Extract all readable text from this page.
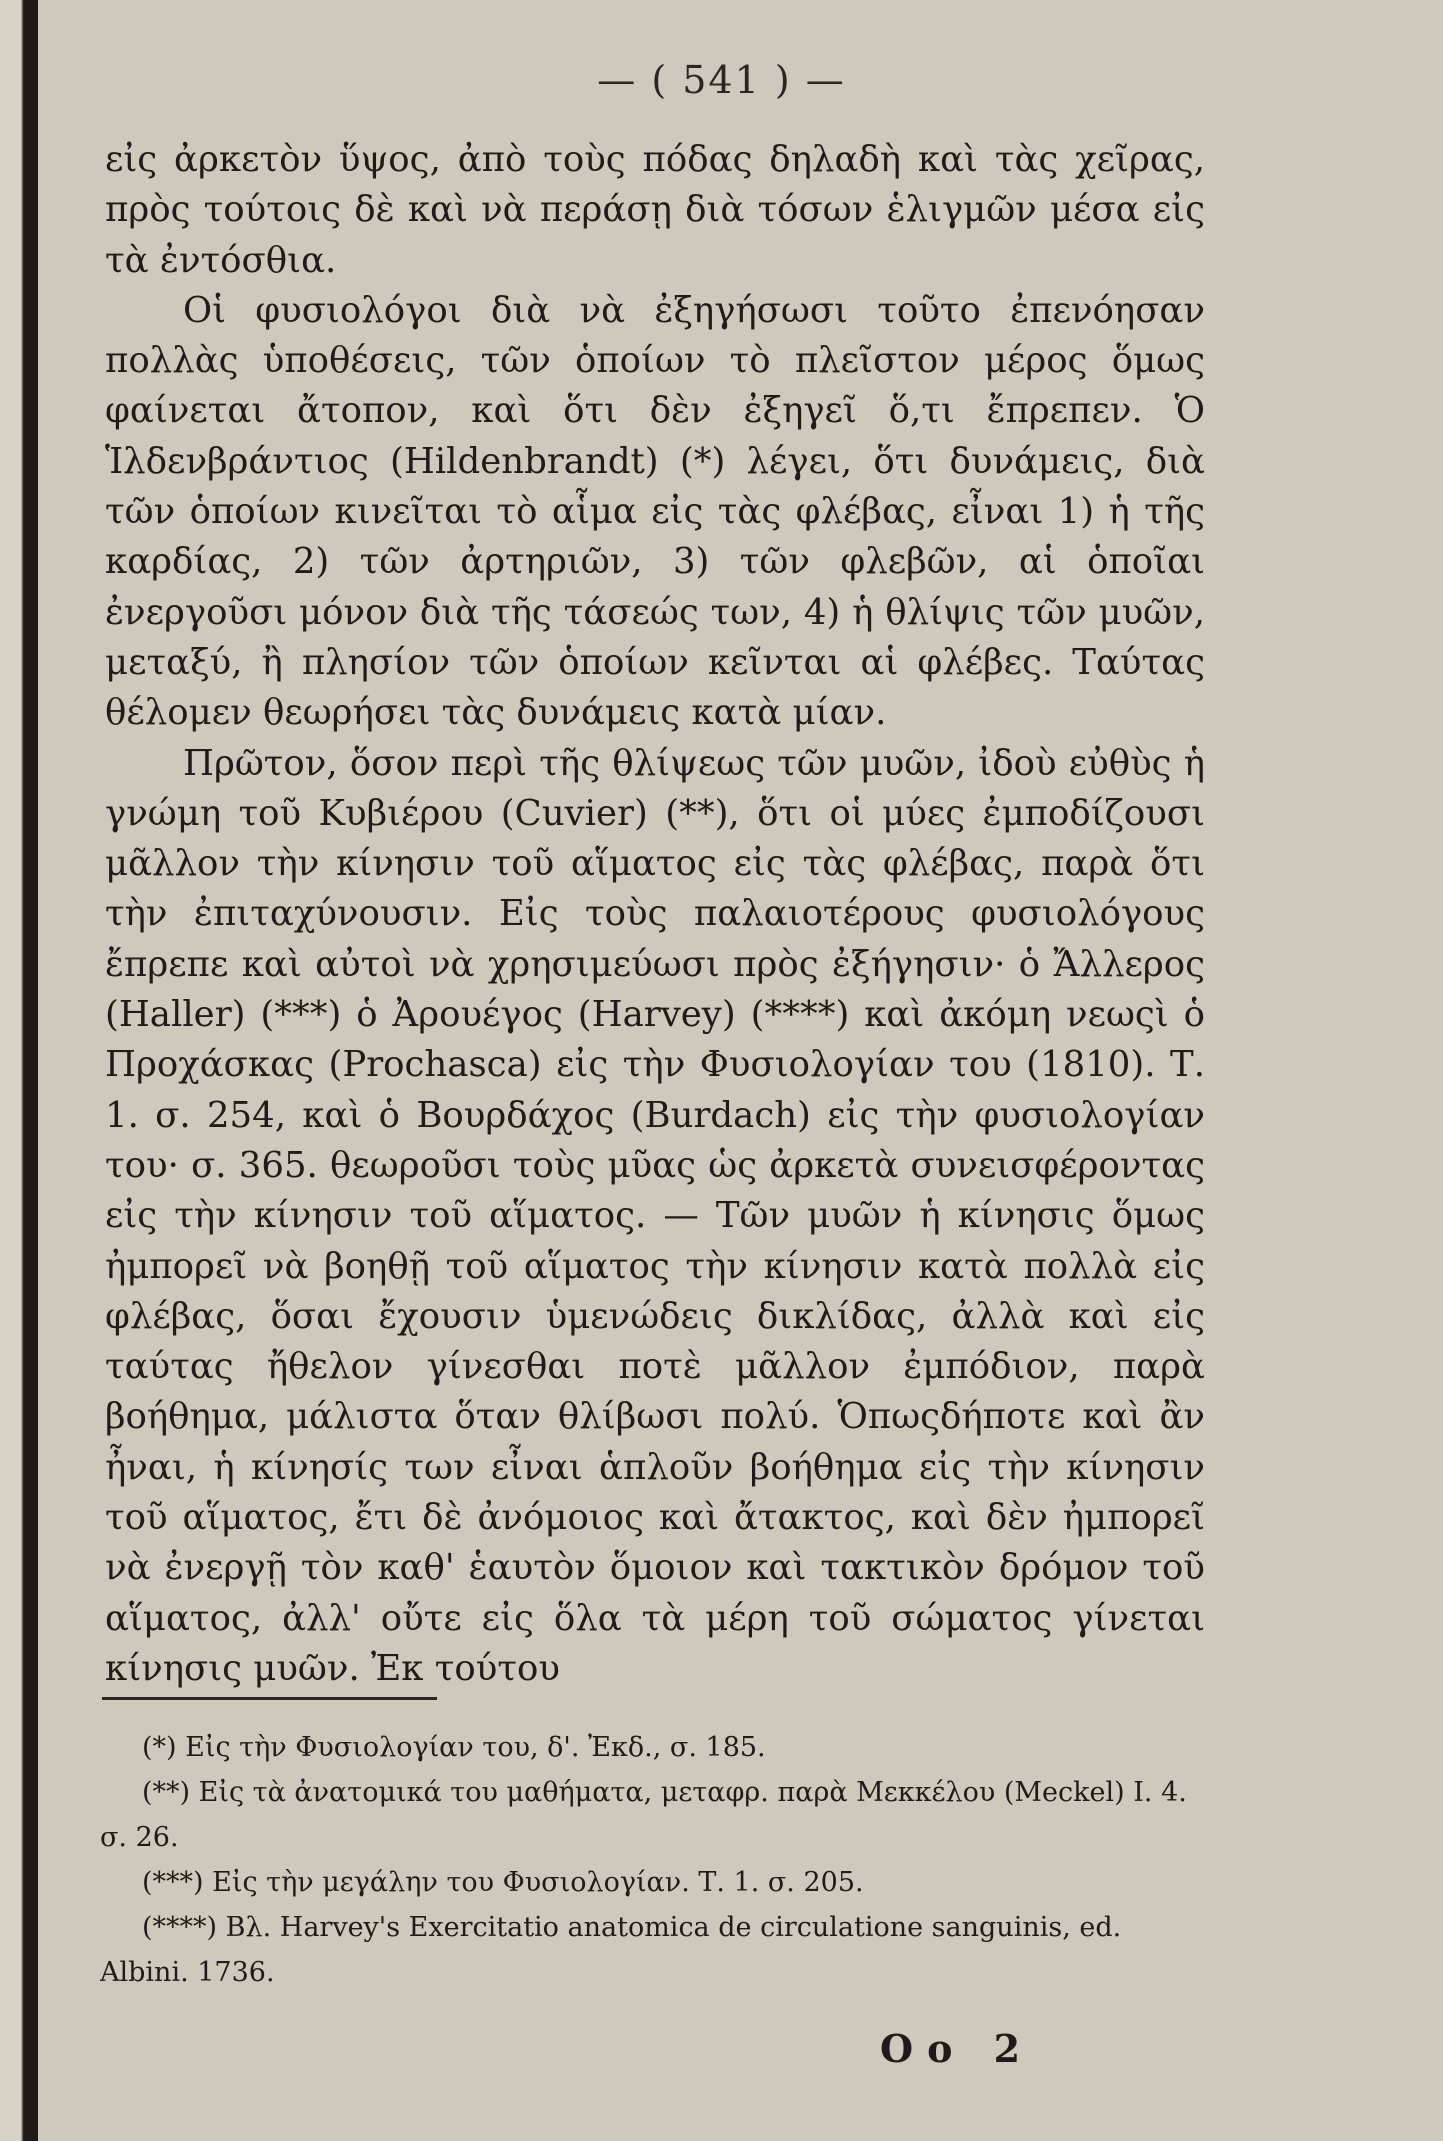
— ( 541 ) —

εἰς ἀρκετὸν ὕψος, ἀπὸ τοὺς πόδας δηλαδὴ καὶ τὰς χεῖρας, πρὸς τούτοις δὲ καὶ νὰ περάσῃ διὰ τόσων ἑλιγμῶν μέσα εἰς τὰ ἐντόσθια.

Οἱ φυσιολόγοι διὰ νὰ ἐξηγήσωσι τοῦτο ἐπενόησαν πολλὰς ὑποθέσεις, τῶν ὁποίων τὸ πλεῖστον μέρος ὅμως φαίνεται ἄτοπον, καὶ ὅτι δὲν ἐξηγεῖ ὅ,τι ἔπρεπεν. Ὁ Ἱλδενβράντιος (Hildenbrandt) (*) λέγει, ὅτι δυνάμεις, διὰ τῶν ὁποίων κινεῖται τὸ αἷμα εἰς τὰς φλέβας, εἶναι 1) ἡ τῆς καρδίας, 2) τῶν ἀρτηριῶν, 3) τῶν φλεβῶν, αἱ ὁποῖαι ἐνεργοῦσι μόνον διὰ τῆς τάσεώς των, 4) ἡ θλίψις τῶν μυῶν, μεταξύ, ἢ πλησίον τῶν ὁποίων κεῖνται αἱ φλέβες. Ταύτας θέλομεν θεωρήσει τὰς δυνάμεις κατὰ μίαν.

Πρῶτον, ὅσον περὶ τῆς θλίψεως τῶν μυῶν, ἰδοὺ εὐθὺς ἡ γνώμη τοῦ Κυβιέρου (Cuvier) (**), ὅτι οἱ μύες ἐμποδίζουσι μᾶλλον τὴν κίνησιν τοῦ αἵματος εἰς τὰς φλέβας, παρὰ ὅτι τὴν ἐπιταχύνουσιν. Εἰς τοὺς παλαιοτέρους φυσιολόγους ἔπρεπε καὶ αὐτοὶ νὰ χρησιμεύωσι πρὸς ἐξήγησιν· ὁ Ἄλλερος (Haller) (***) ὁ Ἀρουέγος (Harvey) (****) καὶ ἀκόμη νεωςὶ ὁ Προχάσκας (Prochasca) εἰς τὴν Φυσιολογίαν του (1810). Τ. 1. σ. 254, καὶ ὁ Βουρδάχος (Burdach) εἰς τὴν φυσιολογίαν του· σ. 365. θεωροῦσι τοὺς μῦας ὡς ἀρκετὰ συνεισφέροντας εἰς τὴν κίνησιν τοῦ αἵματος. — Τῶν μυῶν ἡ κίνησις ὅμως ἠμπορεῖ νὰ βοηθῇ τοῦ αἵματος τὴν κίνησιν κατὰ πολλὰ εἰς φλέβας, ὅσαι ἔχουσιν ὑμενώδεις δικλίδας, ἀλλὰ καὶ εἰς ταύτας ἤθελον γίνεσθαι ποτὲ μᾶλλον ἐμπόδιον, παρὰ βοήθημα, μάλιστα ὅταν θλίβωσι πολύ. Ὁπωςδήποτε καὶ ἂν ἦναι, ἡ κίνησίς των εἶναι ἁπλοῦν βοήθημα εἰς τὴν κίνησιν τοῦ αἵματος, ἔτι δὲ ἀνόμοιος καὶ ἄτακτος, καὶ δὲν ἠμπορεῖ νὰ ἐνεργῇ τὸν καθ' ἑαυτὸν ὅμοιον καὶ τακτικὸν δρόμον τοῦ αἵματος, ἀλλ' οὔτε εἰς ὅλα τὰ μέρη τοῦ σώματος γίνεται κίνησις μυῶν. Ἐκ τούτου

(*) Εἰς τὴν Φυσιολογίαν του, δ'. Ἐκδ., σ. 185.

(**) Εἰς τὰ ἀνατομικά του μαθήματα, μεταφρ. παρὰ Μεκκέλου (Meckel) Ι. 4. σ. 26.

(***) Εἰς τὴν μεγάλην του Φυσιολογίαν. Τ. 1. σ. 205.

(****) Βλ. Harvey's Exercitatio anatomica de circulatione sanguinis, ed. Albini. 1736.

Oo 2
